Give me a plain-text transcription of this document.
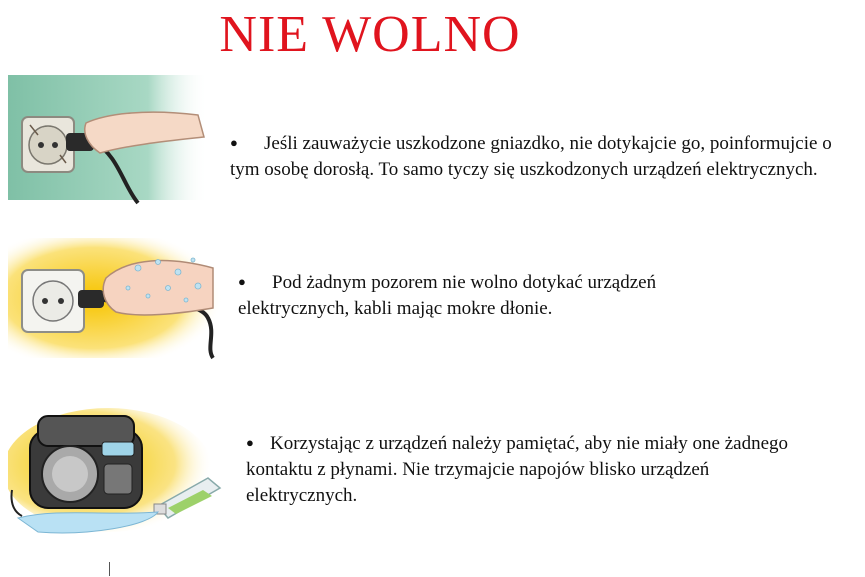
NIE WOLNO
● Jeśli zauważycie uszkodzone gniazdko, nie dotykajcie go, poinformujcie o tym osobę dorosłą. To samo tyczy się uszkodzonych urządzeń elektrycznych.
● Pod żadnym pozorem nie wolno dotykać urządzeń elektrycznych, kabli mając mokre dłonie.
● Korzystając z urządzeń należy pamiętać, aby nie miały one żadnego kontaktu z płynami. Nie trzymajcie napojów blisko urządzeń elektrycznych.
